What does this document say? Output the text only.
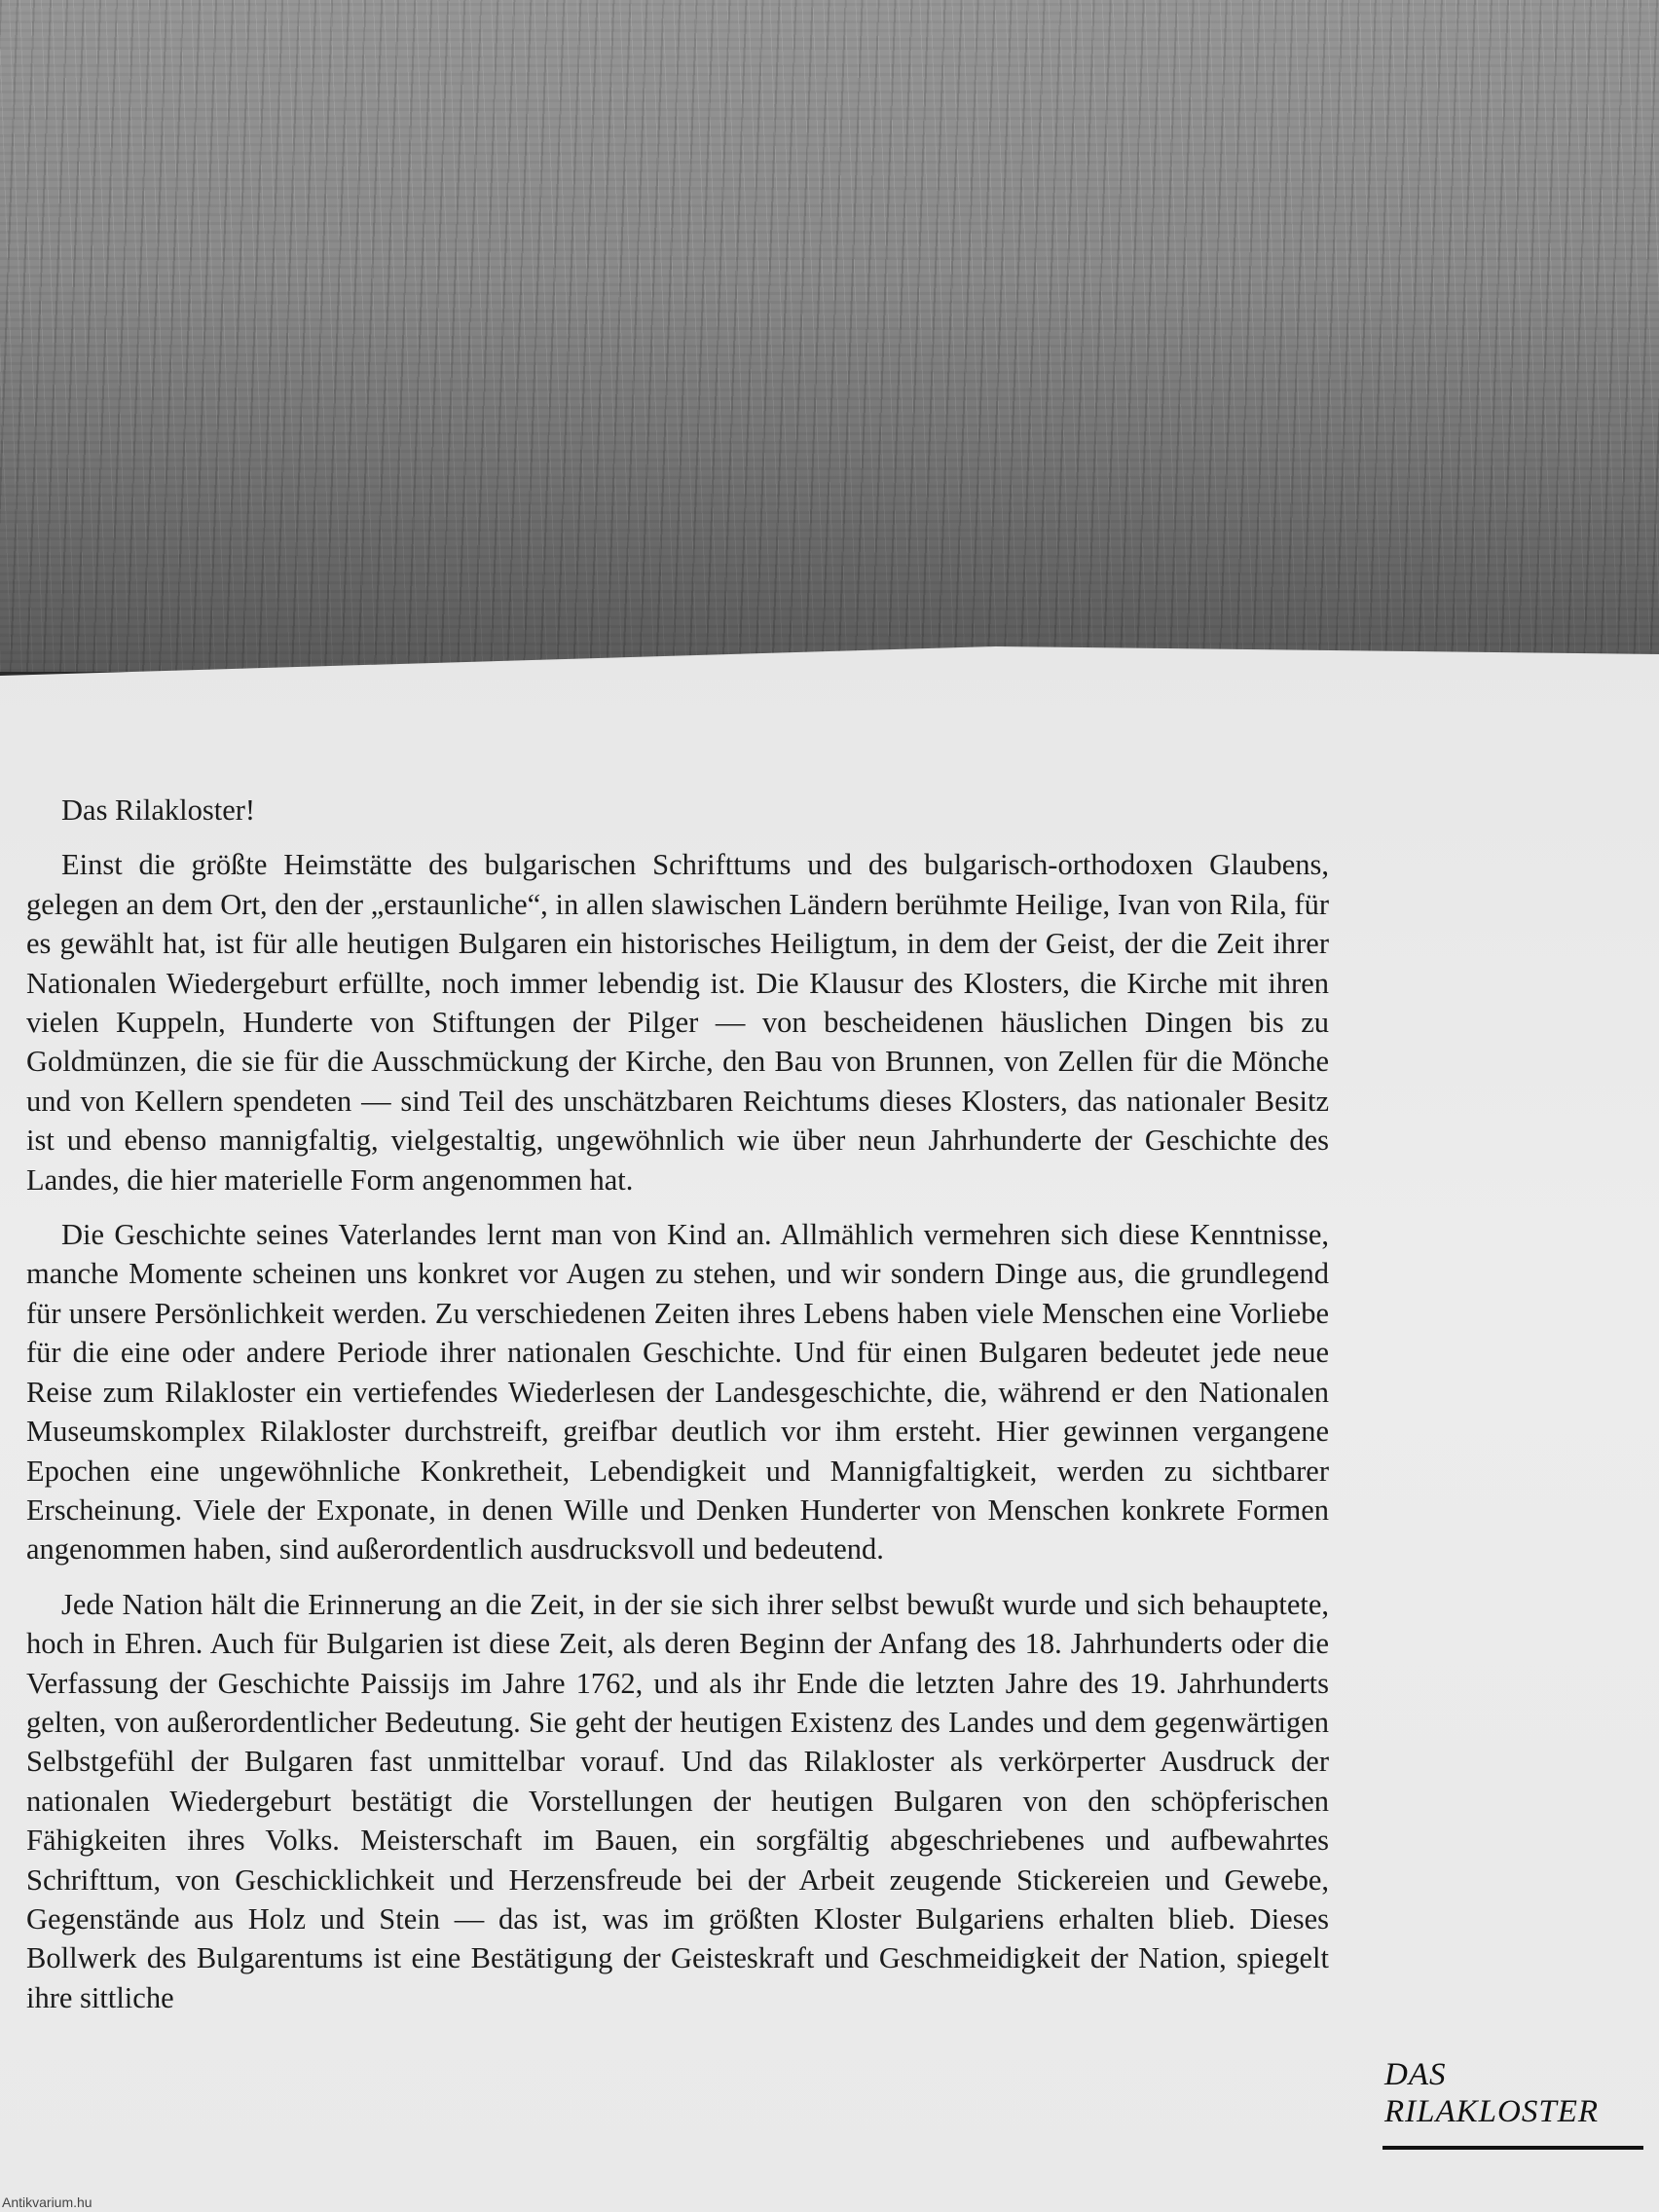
Das Rilakloster!

Einst die größte Heimstätte des bulgarischen Schrifttums und des bulgarisch-orthodoxen Glaubens, gelegen an dem Ort, den der „erstaunliche“, in allen slawischen Ländern berühmte Heilige, Ivan von Rila, für es gewählt hat, ist für alle heutigen Bulgaren ein historisches Heiligtum, in dem der Geist, der die Zeit ihrer Nationalen Wiedergeburt erfüllte, noch immer lebendig ist. Die Klausur des Klosters, die Kirche mit ihren vielen Kuppeln, Hunderte von Stiftungen der Pilger — von bescheidenen häuslichen Dingen bis zu Goldmünzen, die sie für die Ausschmückung der Kirche, den Bau von Brunnen, von Zellen für die Mönche und von Kellern spendeten — sind Teil des unschätzbaren Reichtums dieses Klosters, das nationaler Besitz ist und ebenso mannigfaltig, vielgestaltig, ungewöhnlich wie über neun Jahrhunderte der Geschichte des Landes, die hier materielle Form angenommen hat.

Die Geschichte seines Vaterlandes lernt man von Kind an. Allmählich vermehren sich diese Kenntnisse, manche Momente scheinen uns konkret vor Augen zu stehen, und wir sondern Dinge aus, die grundlegend für unsere Persönlichkeit werden. Zu verschiedenen Zeiten ihres Lebens haben viele Menschen eine Vorliebe für die eine oder andere Periode ihrer nationalen Geschichte. Und für einen Bulgaren bedeutet jede neue Reise zum Rilakloster ein vertiefendes Wiederlesen der Landesgeschichte, die, während er den Nationalen Museumskomplex Rilakloster durchstreift, greifbar deutlich vor ihm ersteht. Hier gewinnen vergangene Epochen eine ungewöhnliche Konkretheit, Lebendigkeit und Mannigfaltigkeit, werden zu sichtbarer Erscheinung. Viele der Exponate, in denen Wille und Denken Hunderter von Menschen konkrete Formen angenommen haben, sind außerordentlich ausdrucksvoll und bedeutend.

Jede Nation hält die Erinnerung an die Zeit, in der sie sich ihrer selbst bewußt wurde und sich behauptete, hoch in Ehren. Auch für Bulgarien ist diese Zeit, als deren Beginn der Anfang des 18. Jahrhunderts oder die Verfassung der Geschichte Paissijs im Jahre 1762, und als ihr Ende die letzten Jahre des 19. Jahrhunderts gelten, von außerordentlicher Bedeutung. Sie geht der heutigen Existenz des Landes und dem gegenwärtigen Selbstgefühl der Bulgaren fast unmittelbar vorauf. Und das Rilakloster als verkörperter Ausdruck der nationalen Wiedergeburt bestätigt die Vorstellungen der heutigen Bulgaren von den schöpferischen Fähigkeiten ihres Volks. Meisterschaft im Bauen, ein sorgfältig abgeschriebenes und aufbewahrtes Schrifttum, von Geschicklichkeit und Herzensfreude bei der Arbeit zeugende Stickereien und Gewebe, Gegenstände aus Holz und Stein — das ist, was im größten Kloster Bulgariens erhalten blieb. Dieses Bollwerk des Bulgarentums ist eine Bestätigung der Geisteskraft und Geschmeidigkeit der Nation, spiegelt ihre sittliche

DAS
RILAKLOSTER
Antikvarium.hu
